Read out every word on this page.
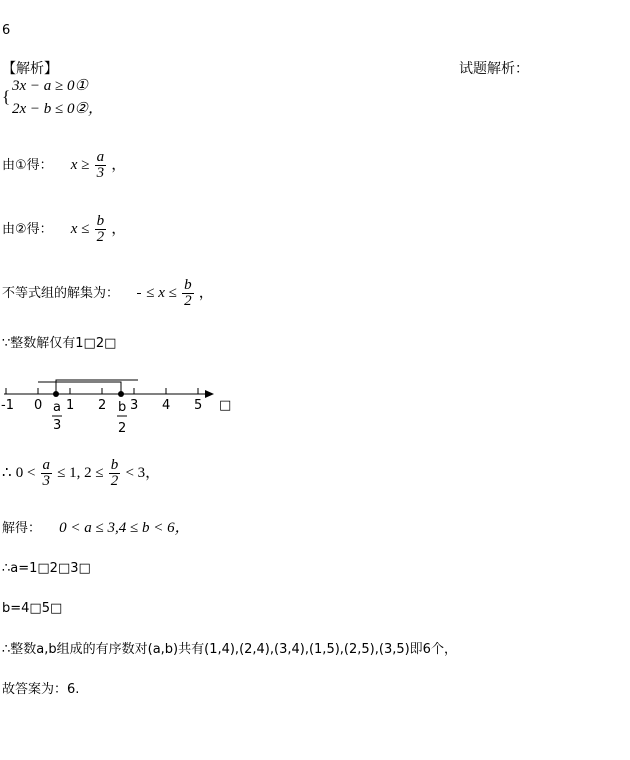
6
【解析】	试题解析：
{
3x − a ≥ 0①
2x − b ≤ 0②，
由①得： $x \ge \frac{a}{3}$ ，
由②得： $x \le \frac{b}{2}$ ，
不等式组的解集为： ≤ $x \le \frac{b}{2}$ ，
∵整数解仅有1□2□
-1 0 1 2 3 4 5 □
a
3
b
2
∴ $0 < \frac{a}{3} \le 1$, $2 \le \frac{b}{2} < 3$，
解得： 0 < a ≤ 3,4 ≤ b < 6，
∴a=1□2□3□
b=4□5□
∴整数a,b组成的有序数对(a,b)共有(1,4),(2,4),(3,4),(1,5),(2,5),(3,5)即6个，
故答案为：6.
